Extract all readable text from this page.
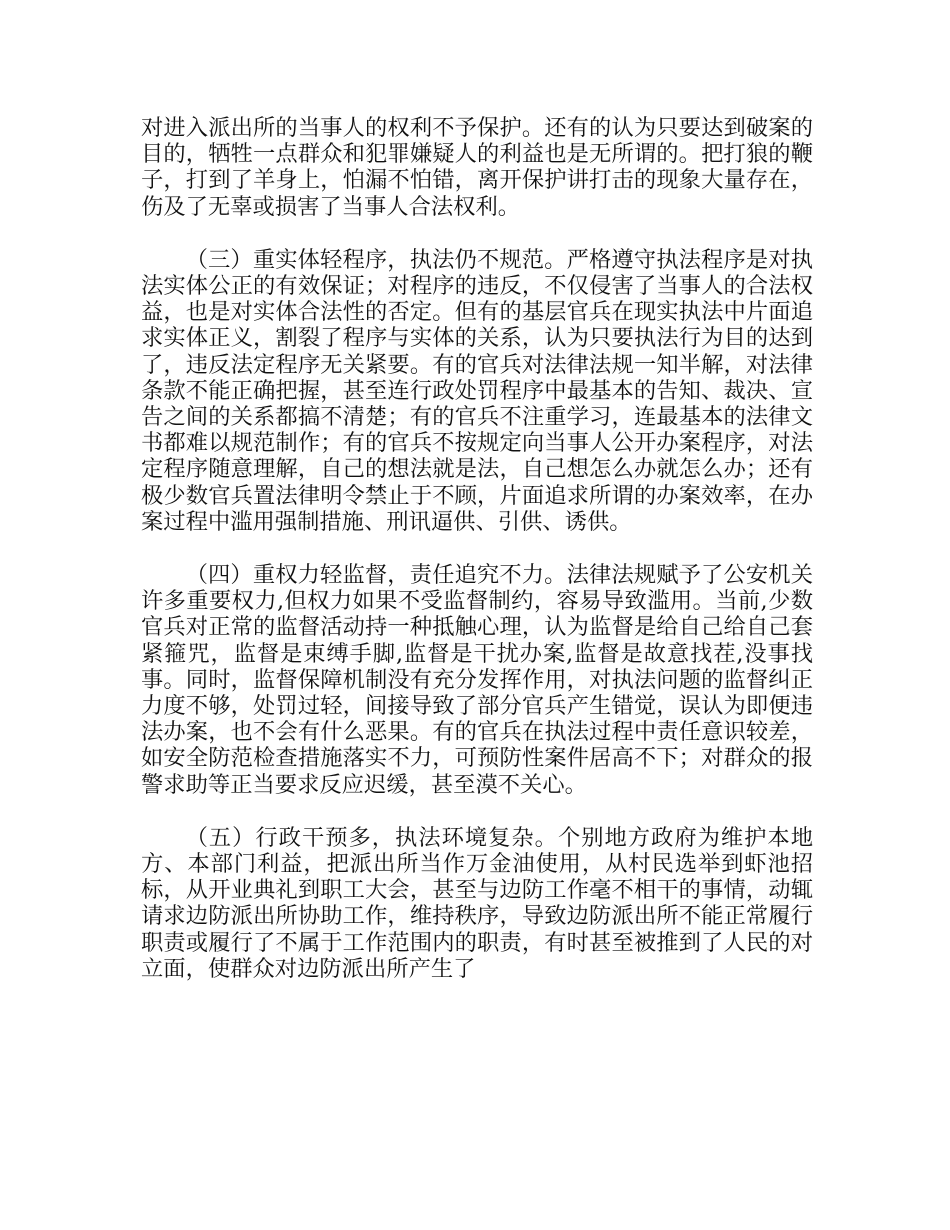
对进入派出所的当事人的权利不予保护。还有的认为只要达到破案的目的，牺牲一点群众和犯罪嫌疑人的利益也是无所谓的。把打狼的鞭子，打到了羊身上，怕漏不怕错，离开保护讲打击的现象大量存在，伤及了无辜或损害了当事人合法权利。

（三）重实体轻程序，执法仍不规范。严格遵守执法程序是对执法实体公正的有效保证；对程序的违反，不仅侵害了当事人的合法权益，也是对实体合法性的否定。但有的基层官兵在现实执法中片面追求实体正义，割裂了程序与实体的关系，认为只要执法行为目的达到了，违反法定程序无关紧要。有的官兵对法律法规一知半解，对法律条款不能正确把握，甚至连行政处罚程序中最基本的告知、裁决、宣告之间的关系都搞不清楚；有的官兵不注重学习，连最基本的法律文书都难以规范制作；有的官兵不按规定向当事人公开办案程序，对法定程序随意理解，自己的想法就是法，自己想怎么办就怎么办；还有极少数官兵置法律明令禁止于不顾，片面追求所谓的办案效率，在办案过程中滥用强制措施、刑讯逼供、引供、诱供。

（四）重权力轻监督，责任追究不力。法律法规赋予了公安机关许多重要权力,但权力如果不受监督制约，容易导致滥用。当前,少数官兵对正常的监督活动持一种抵触心理，认为监督是给自己给自己套紧箍咒，监督是束缚手脚,监督是干扰办案,监督是故意找茬,没事找事。同时，监督保障机制没有充分发挥作用，对执法问题的监督纠正力度不够，处罚过轻，间接导致了部分官兵产生错觉，误认为即便违法办案，也不会有什么恶果。有的官兵在执法过程中责任意识较差，如安全防范检查措施落实不力，可预防性案件居高不下；对群众的报警求助等正当要求反应迟缓，甚至漠不关心。

（五）行政干预多，执法环境复杂。个别地方政府为维护本地方、本部门利益，把派出所当作万金油使用，从村民选举到虾池招标，从开业典礼到职工大会，甚至与边防工作毫不相干的事情，动辄请求边防派出所协助工作，维持秩序，导致边防派出所不能正常履行职责或履行了不属于工作范围内的职责，有时甚至被推到了人民的对立面，使群众对边防派出所产生了
